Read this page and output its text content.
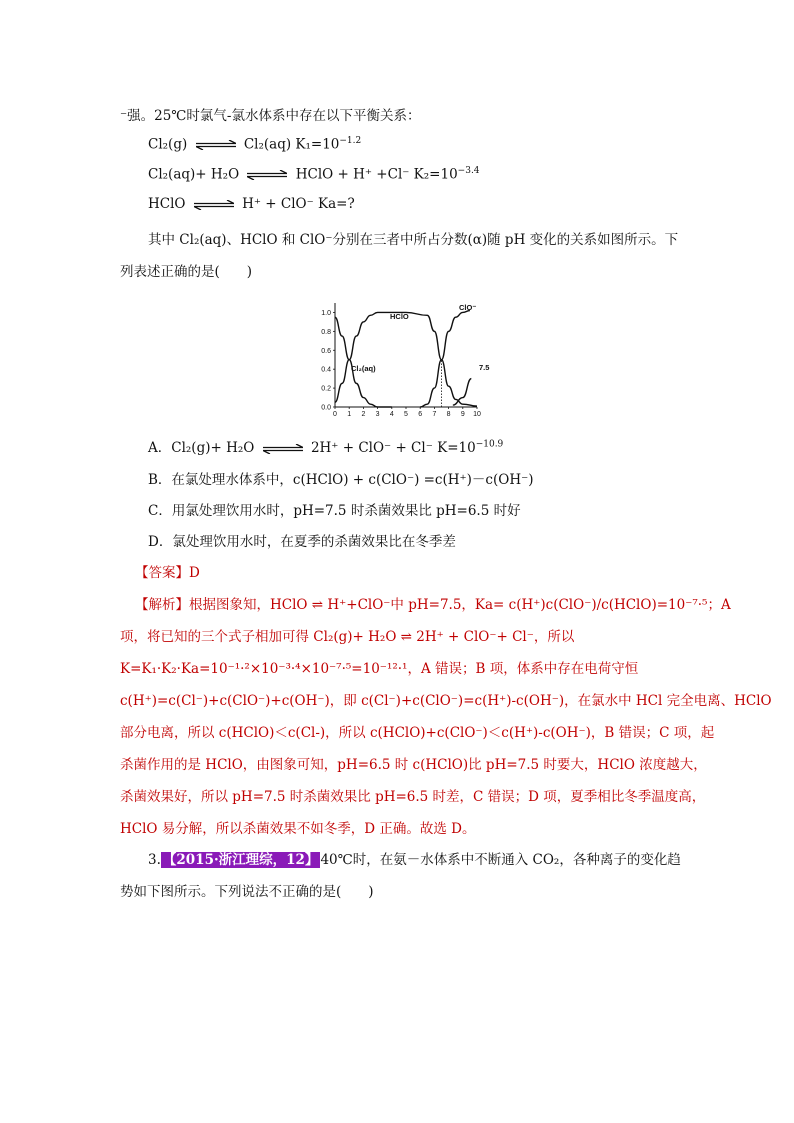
⁻强。25℃时氯气-氯水体系中存在以下平衡关系：
Cl₂(g) ⇌ Cl₂(aq) $K_1=10^{-1.2}$
Cl₂(aq)+ H₂O ⇌ HClO + H⁺ +Cl⁻ $K_2=10^{-3.4}$
HClO ⇌ H⁺ + ClO⁻ Ka=?
其中 Cl₂(aq)、HClO 和 ClO⁻分别在三者中所占分数(α)随 pH 变化的关系如图所示。下
列表述正确的是(　　)
0 1 2 3 4 5 6 7 8 9 10
0.0
0.2
0.4
0.6
0.8
1.0	HClO
Cl₂(aq)
ClO⁻
7.5
A．Cl₂(g)+ H₂O ⇌ 2H⁺ + ClO⁻ + Cl⁻ $K=10^{-10.9}$
B．在氯处理水体系中，c(HClO) + c(ClO⁻) =c(H⁺)－c(OH⁻)
C．用氯处理饮用水时，pH=7.5 时杀菌效果比 pH=6.5 时好
D．氯处理饮用水时，在夏季的杀菌效果比在冬季差
【答案】D
【解析】根据图象知，HClO ⇌ H⁺+ClO⁻中 pH=7.5，Ka= c(H⁺)c(ClO⁻)/c(HClO)=10⁻⁷·⁵；A
项，将已知的三个式子相加可得 Cl₂(g)+ H₂O ⇌ 2H⁺ + ClO⁻+ Cl⁻，所以
K=K₁·K₂·Ka=10⁻¹·²×10⁻³·⁴×10⁻⁷·⁵=10⁻¹²·¹，A 错误；B 项，体系中存在电荷守恒
c(H⁺)=c(Cl⁻)+c(ClO⁻)+c(OH⁻)，即 c(Cl⁻)+c(ClO⁻)=c(H⁺)-c(OH⁻)，在氯水中 HCl 完全电离、HClO
部分电离，所以 c(HClO)＜c(Cl-)，所以 c(HClO)+c(ClO⁻)＜c(H⁺)-c(OH⁻)，B 错误；C 项，起
杀菌作用的是 HClO，由图象可知，pH=6.5 时 c(HClO)比 pH=7.5 时要大，HClO 浓度越大，
杀菌效果好，所以 pH=7.5 时杀菌效果比 pH=6.5 时差，C 错误；D 项，夏季相比冬季温度高，
HClO 易分解，所以杀菌效果不如冬季，D 正确。故选 D。
3. 【2015·浙江理综，12】 40℃时，在氨－水体系中不断通入 CO₂，各种离子的变化趋
势如下图所示。下列说法不正确的是(　　)
